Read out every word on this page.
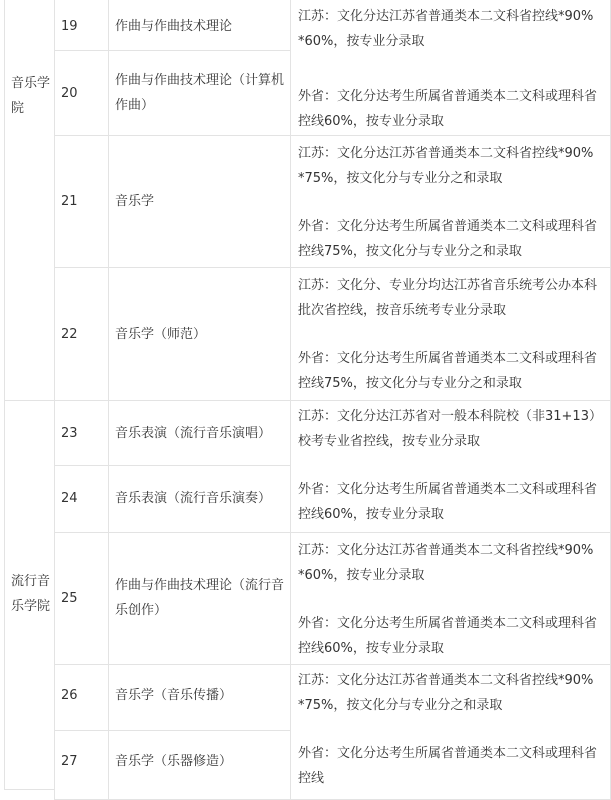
音乐学院
流行音乐学院
19
20
21
22
23
24
25
26
27
作曲与作曲技术理论
作曲与作曲技术理论（计算机作曲）
音乐学
音乐学（师范）
音乐表演（流行音乐演唱）
音乐表演（流行音乐演奏）
作曲与作曲技术理论（流行音乐创作）
音乐学（音乐传播）
音乐学（乐器修造）
江苏：文化分达江苏省普通类本二文科省控线*90%*60%，按专业分录取
外省：文化分达考生所属省普通类本二文科或理科省控线60%，按专业分录取
江苏：文化分达江苏省普通类本二文科省控线*90%*75%，按文化分与专业分之和录取
外省：文化分达考生所属省普通类本二文科或理科省控线75%，按文化分与专业分之和录取
江苏：文化分、专业分均达江苏省音乐统考公办本科批次省控线，按音乐统考专业分录取
外省：文化分达考生所属省普通类本二文科或理科省控线75%，按文化分与专业分之和录取
江苏：文化分达江苏省对一般本科院校（非31+13）校考专业省控线，按专业分录取
外省：文化分达考生所属省普通类本二文科或理科省控线60%，按专业分录取
江苏：文化分达江苏省普通类本二文科省控线*90%*60%，按专业分录取
外省：文化分达考生所属省普通类本二文科或理科省控线60%，按专业分录取
江苏：文化分达江苏省普通类本二文科省控线*90%*75%，按文化分与专业分之和录取
外省：文化分达考生所属省普通类本二文科或理科省控线
